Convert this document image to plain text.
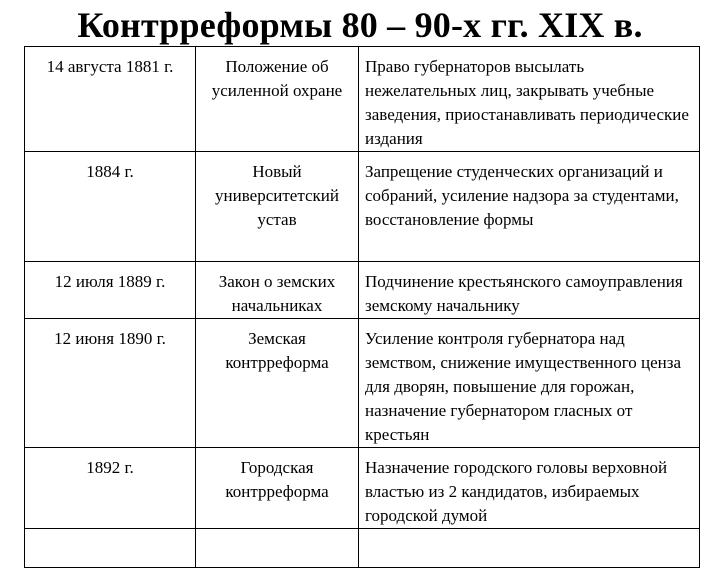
Контрреформы 80 – 90-х гг. XIX в.
14 августа 1881 г.	Положение об усиленной охране	Право губернаторов высылать нежелательных лиц, закрывать учебные заведения, приостанавливать периодические издания
1884 г.	Новый университетский устав	Запрещение студенческих организаций и собраний, усиление надзора за студентами, восстановление формы
12 июля 1889 г.	Закон о земских начальниках	Подчинение крестьянского самоуправления земскому начальнику
12 июня 1890 г.	Земская контрреформа	Усиление контроля губернатора над земством, снижение имущественного ценза для дворян, повышение для горожан, назначение губернатором гласных от крестьян
1892 г.	Городская контрреформа	Назначение городского головы верховной властью из 2 кандидатов, избираемых городской думой
